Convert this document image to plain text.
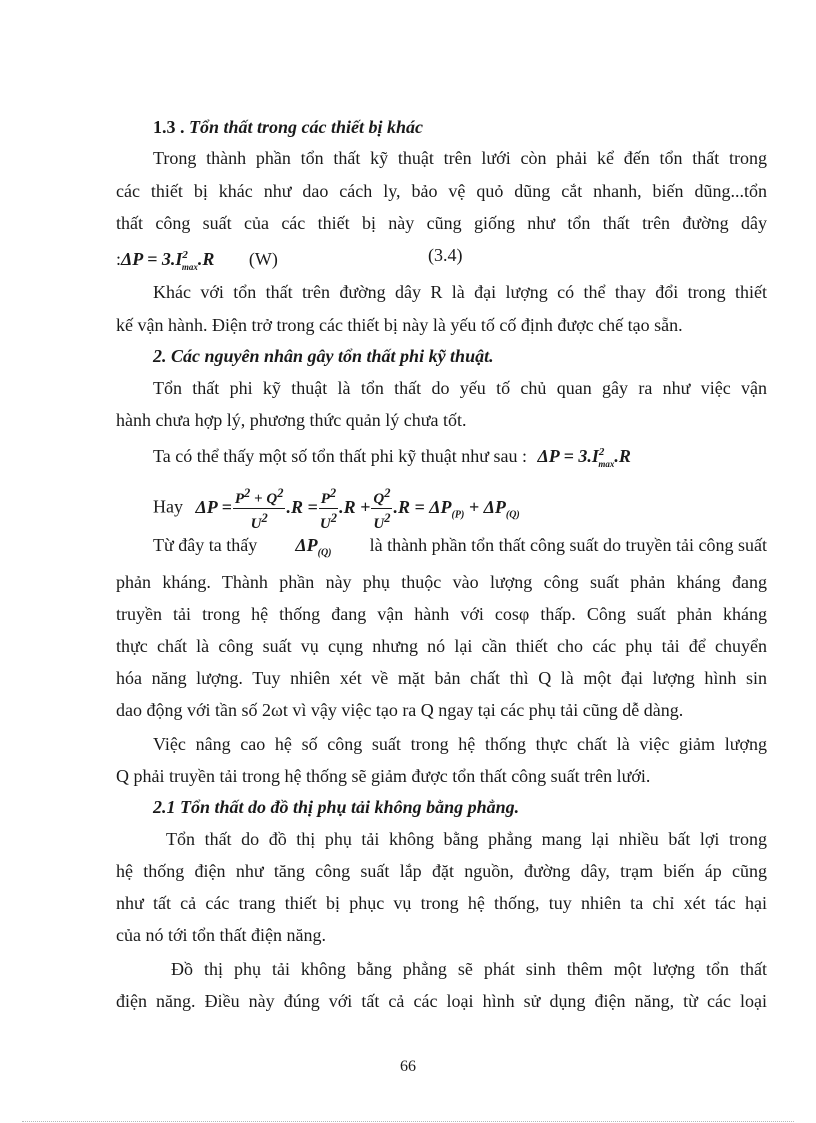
1.3 . Tổn thất trong các thiết bị khác
Trong thành phần tổn thất kỹ thuật trên lưới còn phải kể đến tổn thất trong
các thiết bị khác như dao cách ly, bảo vệ quỏ dũng cắt nhanh, biến dũng...tổn
thất công suất của các thiết bị này cũng giống như tổn thất trên đường dây
:ΔP = $3.I^2_{max}.R$ (W)	(3.4)
Khác với tổn thất trên đường dây R là đại lượng có thể thay đổi trong thiết
kế vận hành. Điện trở trong các thiết bị này là yếu tố cố định được chế tạo sẵn.
2. Các nguyên nhân gây tổn thất phi kỹ thuật.
Tổn thất phi kỹ thuật là tổn thất do yếu tố chủ quan gây ra như việc vận
hành chưa hợp lý, phương thức quản lý chưa tốt.
Ta có thể thấy một số tổn thất phi kỹ thuật như sau : $\Delta P = 3.I^2_{max}.R$
Hay $\Delta P = \frac{P^2 + Q^2}{U^2} .R = \frac{P^2}{U^2} .R + \frac{Q^2}{U^2} .R = \Delta P_{(P)} + \Delta P_{(Q)}$
Từ đây ta thấy $\Delta P_{(Q)}$ là thành phần tổn thất công suất do truyền tải công suất
phản kháng. Thành phần này phụ thuộc vào lượng công suất phản kháng đang
truyền tải trong hệ thống đang vận hành với cosφ thấp. Công suất phản kháng
thực chất là công suất vụ cụng nhưng nó lại cần thiết cho các phụ tải để chuyển
hóa năng lượng. Tuy nhiên xét về mặt bản chất thì Q là một đại lượng hình sin
dao động với tần số 2ωt vì vậy việc tạo ra Q ngay tại các phụ tải cũng dễ dàng.
Việc nâng cao hệ số công suất trong hệ thống thực chất là việc giảm lượng
Q phải truyền tải trong hệ thống sẽ giảm được tổn thất công suất trên lưới.
2.1 Tổn thất do đồ thị phụ tải không bằng phẳng.
Tổn thất do đồ thị phụ tải không bằng phẳng mang lại nhiều bất lợi trong
hệ thống điện như tăng công suất lắp đặt nguồn, đường dây, trạm biến áp cũng
như tất cả các trang thiết bị phục vụ trong hệ thống, tuy nhiên ta chỉ xét tác hại
của nó tới tổn thất điện năng.
Đồ thị phụ tải không bằng phẳng sẽ phát sinh thêm một lượng tổn thất
điện năng. Điều này đúng với tất cả các loại hình sử dụng điện năng, từ các loại
66
